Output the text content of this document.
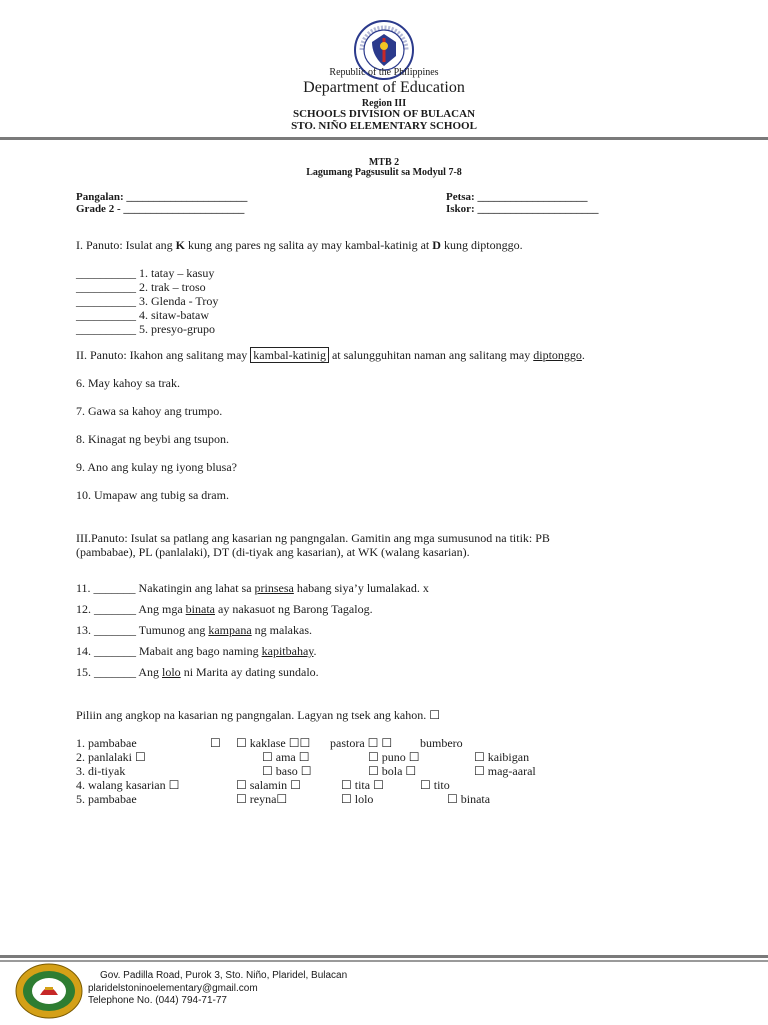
Republic of the Philippines
Department of Education
Region III
SCHOOLS DIVISION OF BULACAN
STO. NIÑO ELEMENTARY SCHOOL
MTB 2
Lagumang Pagsusulit sa Modyul 7-8
Pangalan: ______________________
Grade 2 - ______________________
Petsa: ____________________
Iskor: ______________________
I. Panuto: Isulat ang K kung ang pares ng salita ay may kambal-katinig at D kung diptonggo.
__________ 1. tatay – kasuy
__________ 2. trak – troso
__________ 3. Glenda - Troy
__________ 4. sitaw-bataw
__________ 5. presyo-grupo
II. Panuto: Ikahon ang salitang may kambal-katinig at salungguhitan naman ang salitang may diptonggo.
6. May kahoy sa trak.
7. Gawa sa kahoy ang trumpo.
8. Kinagat ng beybi ang tsupon.
9. Ano ang kulay ng iyong blusa?
10. Umapaw ang tubig sa dram.
III.Panuto: Isulat sa patlang ang kasarian ng pangngalan. Gamitin ang mga sumusunod na titik: PB
(pambabae), PL (panlalaki), DT (di-tiyak ang kasarian), at WK (walang kasarian).
11. _______ Nakatingin ang lahat sa prinsesa habang siya’y lumalakad. x
12. _______ Ang mga binata ay nakasuot ng Barong Tagalog.
13. _______ Tumunog ang kampana ng malakas.
14. _______ Mabait ang bago naming kapitbahay.
15. _______ Ang lolo ni Marita ay dating sundalo.
Piliin ang angkop na kasarian ng pangngalan. Lagyan ng tsek ang kahon. ☐
1. pambabae	☐ ☐ kaklase ☐☐ pastora ☐ ☐ bumbero
2. panlalaki ☐	☐ ama ☐	☐ puno ☐	☐ kaibigan
3. di-tiyak	☐ baso ☐	☐ bola ☐	☐ mag-aaral
4. walang kasarian ☐	☐ salamin ☐	☐ tita ☐	☐ tito
5. pambabae	☐ reyna☐	☐ lolo	☐ binata
Gov. Padilla Road, Purok 3, Sto. Niño, Plaridel, Bulacan
plaridelstoninoelementary@gmail.com
Telephone No. (044) 794-71-77
